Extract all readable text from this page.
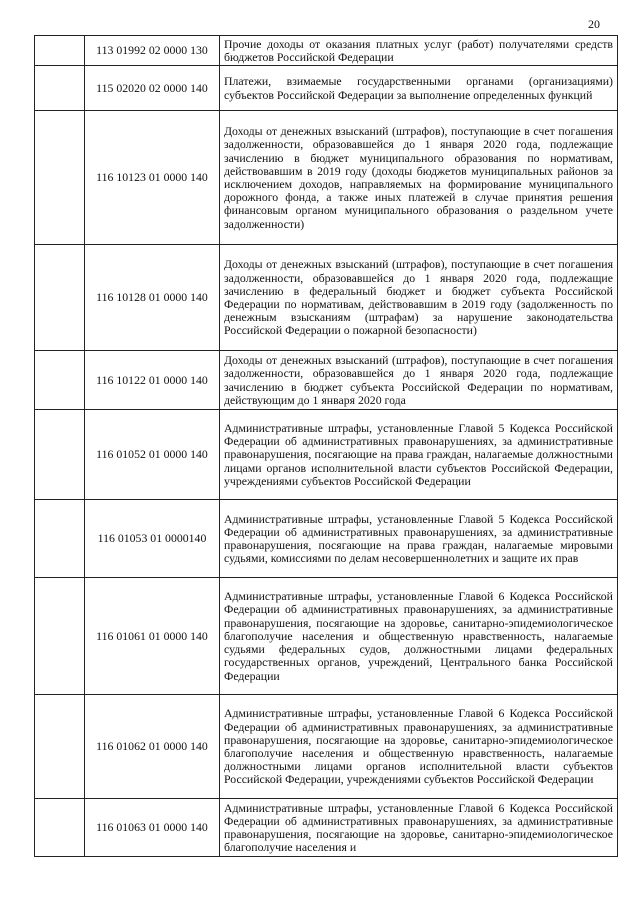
20
	113 01992 02 0000 130	Прочие доходы от оказания платных услуг (работ) получателями средств бюджетов Российской Федерации
	115 02020 02 0000 140	Платежи, взимаемые государственными органами (организациями) субъектов Российской Федерации за выполнение определенных функций
	116 10123 01 0000 140	Доходы от денежных взысканий (штрафов), поступающие в счет погашения задолженности, образовавшейся до 1 января 2020 года, подлежащие зачислению в бюджет муниципального образования по нормативам, действовавшим в 2019 году (доходы бюджетов муниципальных районов за исключением доходов, направляемых на формирование муниципального дорожного фонда, а также иных платежей в случае принятия решения финансовым органом муниципального образования о раздельном учете задолженности)
	116 10128 01 0000 140	Доходы от денежных взысканий (штрафов), поступающие в счет погашения задолженности, образовавшейся до 1 января 2020 года, подлежащие зачислению в федеральный бюджет и бюджет субъекта Российской Федерации по нормативам, действовавшим в 2019 году (задолженность по денежным взысканиям (штрафам) за нарушение законодательства Российской Федерации о пожарной безопасности)
	116 10122 01 0000 140	Доходы от денежных взысканий (штрафов), поступающие в счет погашения задолженности, образовавшейся до 1 января 2020 года, подлежащие зачислению в бюджет субъекта Российской Федерации по нормативам, действующим до 1 января 2020 года
	116 01052 01 0000 140	Административные штрафы, установленные Главой 5 Кодекса Российской Федерации об административных правонарушениях, за административные правонарушения, посягающие на права граждан, налагаемые должностными лицами органов исполнительной власти субъектов Российской Федерации, учреждениями субъектов Российской Федерации
	116 01053 01 0000140	Административные штрафы, установленные Главой 5 Кодекса Российской Федерации об административных правонарушениях, за административные правонарушения, посягающие на права граждан, налагаемые мировыми судьями, комиссиями по делам несовершеннолетних и защите их прав
	116 01061 01 0000 140	Административные штрафы, установленные Главой 6 Кодекса Российской Федерации об административных правонарушениях, за административные правонарушения, посягающие на здоровье, санитарно-эпидемиологическое благополучие населения и общественную нравственность, налагаемые судьями федеральных судов, должностными лицами федеральных государственных органов, учреждений, Центрального банка Российской Федерации
	116 01062 01 0000 140	Административные штрафы, установленные Главой 6 Кодекса Российской Федерации об административных правонарушениях, за административные правонарушения, посягающие на здоровье, санитарно-эпидемиологическое благополучие населения и общественную нравственность, налагаемые должностными лицами органов исполнительной власти субъектов Российской Федерации, учреждениями субъектов Российской Федерации
	116 01063 01 0000 140	Административные штрафы, установленные Главой 6 Кодекса Российской Федерации об административных правонарушениях, за административные правонарушения, посягающие на здоровье, санитарно-эпидемиологическое благополучие населения и
